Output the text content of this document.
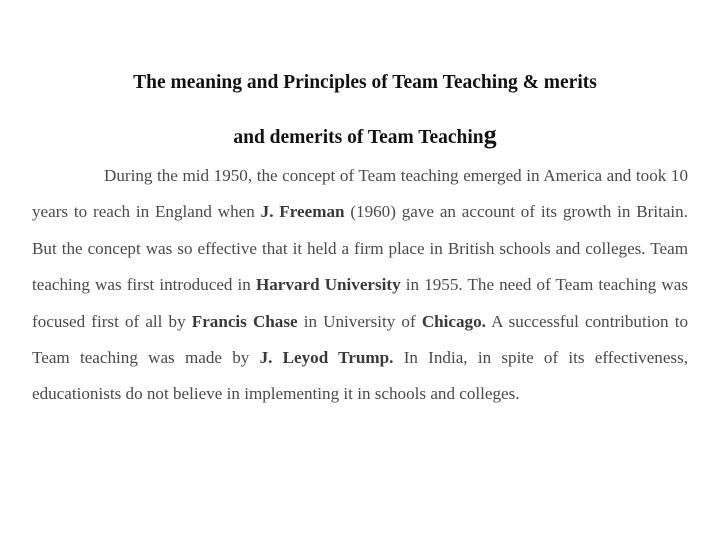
The meaning and Principles of Team Teaching & merits
and demerits of Team Teaching

During the mid 1950, the concept of Team teaching emerged in America and took 10 years to reach in England when J. Freeman (1960) gave an account of its growth in Britain. But the concept was so effective that it held a firm place in British schools and colleges. Team teaching was first introduced in Harvard University in 1955. The need of Team teaching was focused first of all by Francis Chase in University of Chicago. A successful contribution to Team teaching was made by J. Leyod Trump. In India, in spite of its effectiveness, educationists do not believe in implementing it in schools and colleges.
